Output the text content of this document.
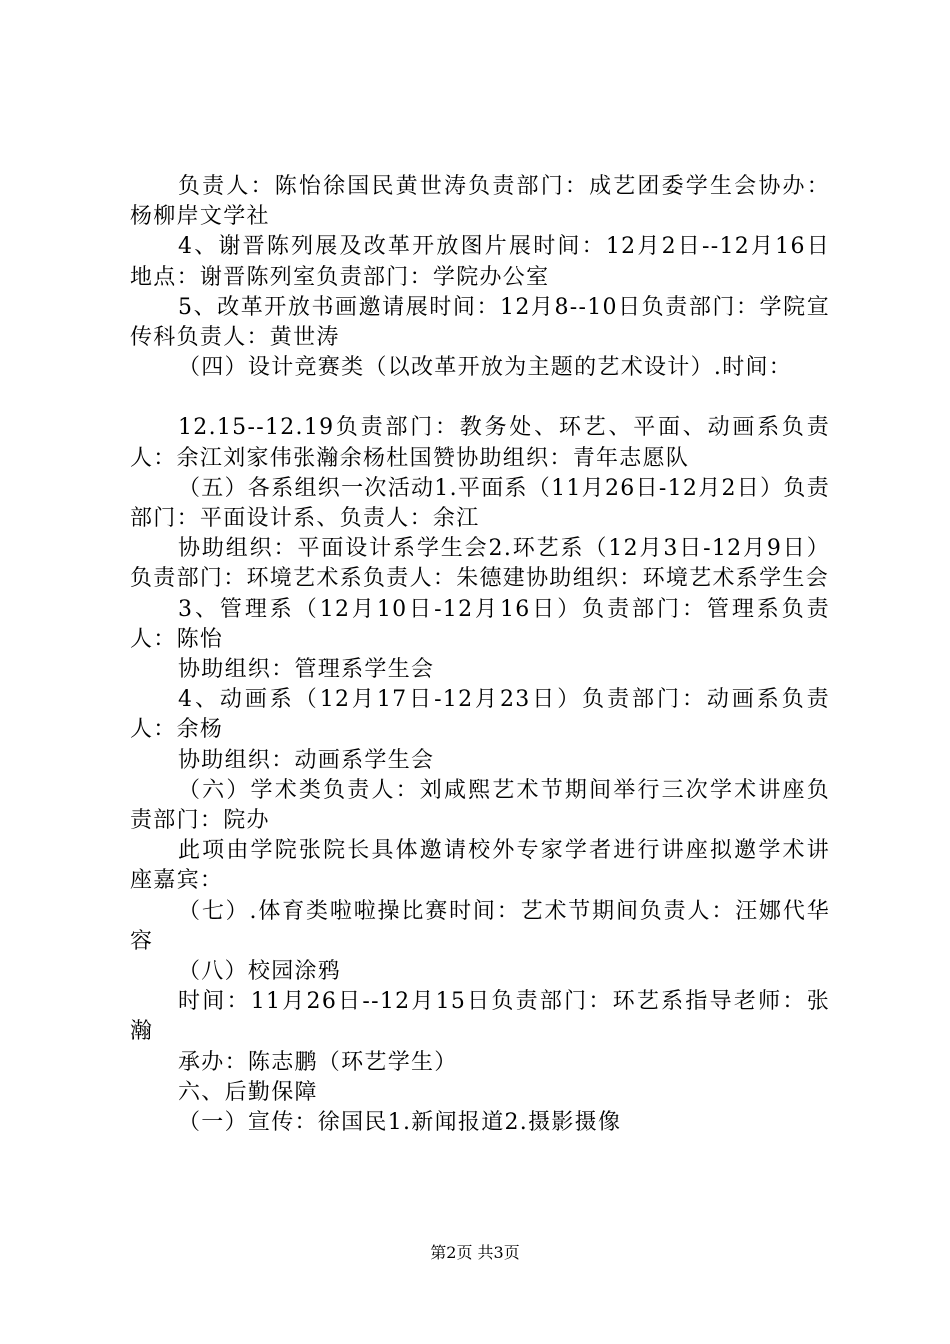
负责人：陈怡徐国民黄世涛负责部门：成艺团委学生会协办：杨柳岸文学社

4、谢晋陈列展及改革开放图片展时间：12月2日--12月16日地点：谢晋陈列室负责部门：学院办公室

5、改革开放书画邀请展时间：12月8--10日负责部门：学院宣传科负责人：黄世涛

（四）设计竞赛类（以改革开放为主题的艺术设计）.时间：

12.15--12.19负责部门：教务处、环艺、平面、动画系负责人：余江刘家伟张瀚余杨杜国赞协助组织：青年志愿队

（五）各系组织一次活动1.平面系（11月26日-12月2日）负责部门：平面设计系、负责人：余江

协助组织：平面设计系学生会2.环艺系（12月3日-12月9日）负责部门：环境艺术系负责人：朱德建协助组织：环境艺术系学生会

3、管理系（12月10日-12月16日）负责部门：管理系负责人：陈怡

协助组织：管理系学生会

4、动画系（12月17日-12月23日）负责部门：动画系负责人：余杨

协助组织：动画系学生会

（六）学术类负责人：刘咸熙艺术节期间举行三次学术讲座负责部门：院办

此项由学院张院长具体邀请校外专家学者进行讲座拟邀学术讲座嘉宾：

（七）.体育类啦啦操比赛时间：艺术节期间负责人：汪娜代华容

（八）校园涂鸦

时间：11月26日--12月15日负责部门：环艺系指导老师：张瀚

承办：陈志鹏（环艺学生）

六、后勤保障

（一）宣传：徐国民1.新闻报道2.摄影摄像

第2页 共3页
